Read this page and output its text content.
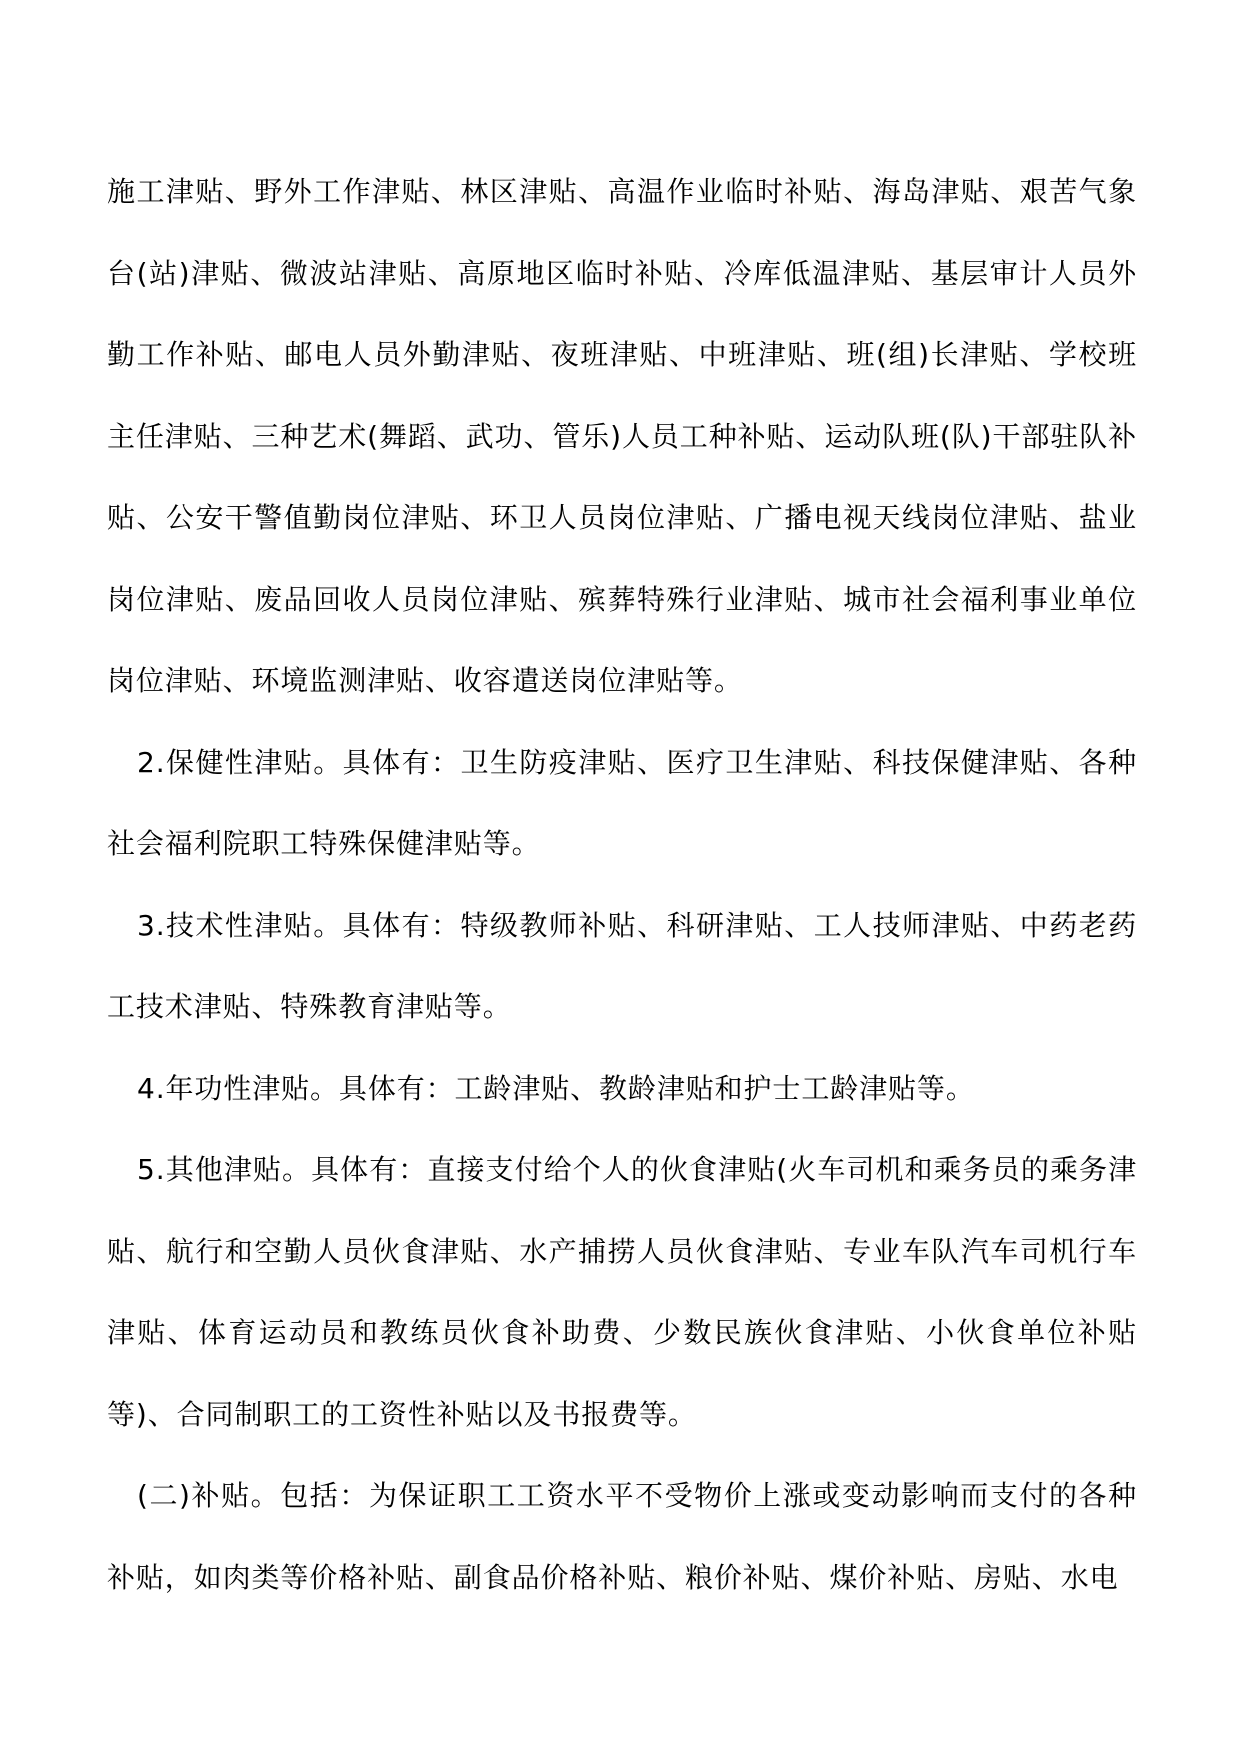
施工津贴、野外工作津贴、林区津贴、高温作业临时补贴、海岛津贴、艰苦气象台(站)津贴、微波站津贴、高原地区临时补贴、冷库低温津贴、基层审计人员外勤工作补贴、邮电人员外勤津贴、夜班津贴、中班津贴、班(组)长津贴、学校班主任津贴、三种艺术(舞蹈、武功、管乐)人员工种补贴、运动队班(队)干部驻队补贴、公安干警值勤岗位津贴、环卫人员岗位津贴、广播电视天线岗位津贴、盐业岗位津贴、废品回收人员岗位津贴、殡葬特殊行业津贴、城市社会福利事业单位岗位津贴、环境监测津贴、收容遣送岗位津贴等。

2.保健性津贴。具体有：卫生防疫津贴、医疗卫生津贴、科技保健津贴、各种社会福利院职工特殊保健津贴等。

3.技术性津贴。具体有：特级教师补贴、科研津贴、工人技师津贴、中药老药工技术津贴、特殊教育津贴等。

4.年功性津贴。具体有：工龄津贴、教龄津贴和护士工龄津贴等。

5.其他津贴。具体有：直接支付给个人的伙食津贴(火车司机和乘务员的乘务津贴、航行和空勤人员伙食津贴、水产捕捞人员伙食津贴、专业车队汽车司机行车津贴、体育运动员和教练员伙食补助费、少数民族伙食津贴、小伙食单位补贴等)、合同制职工的工资性补贴以及书报费等。

(二)补贴。包括：为保证职工工资水平不受物价上涨或变动影响而支付的各种补贴，如肉类等价格补贴、副食品价格补贴、粮价补贴、煤价补贴、房贴、水电
